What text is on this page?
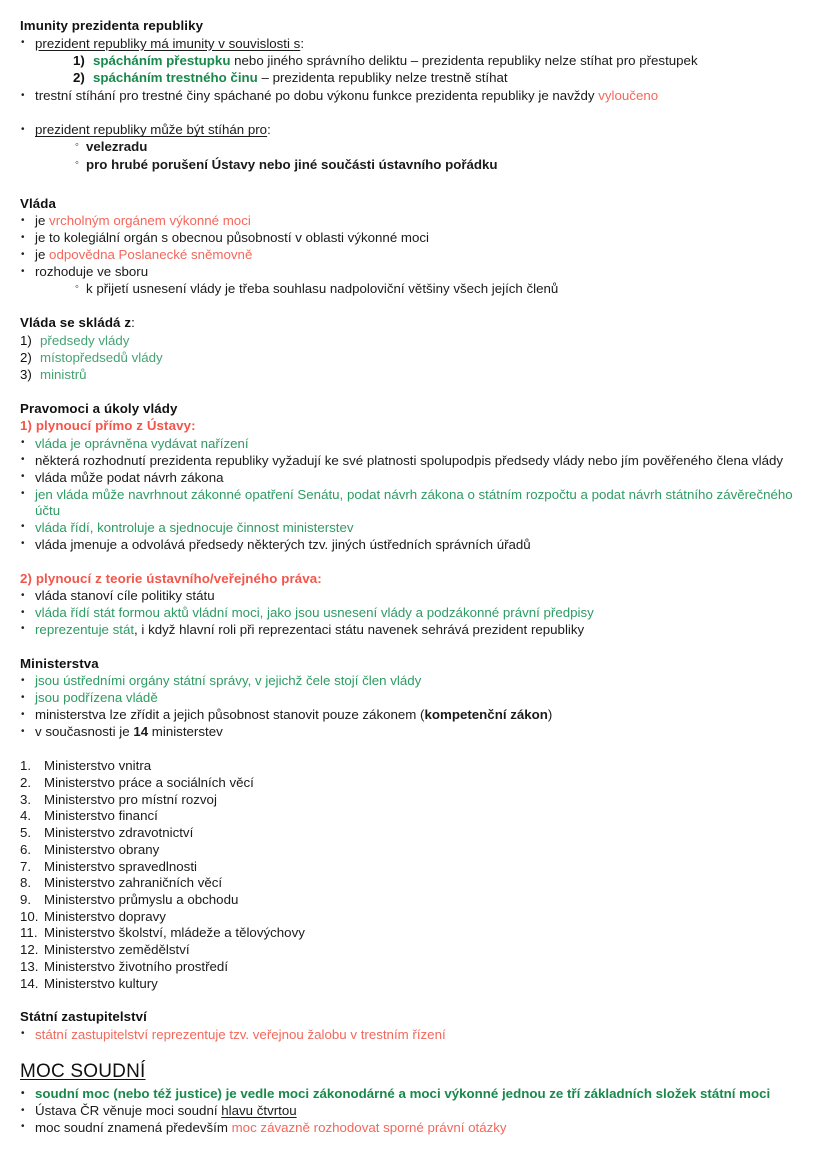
Imunity prezidenta republiky
• prezident republiky má imunity v souvislosti s:
spácháním přestupku nebo jiného správního deliktu – prezidenta republiky nelze stíhat pro přestupek
spácháním trestného činu – prezidenta republiky nelze trestně stíhat
• trestní stíhání pro trestné činy spáchané po dobu výkonu funkce prezidenta republiky je navždy vyloučeno
• prezident republiky může být stíhán pro:
◦ velezradu
◦ pro hrubé porušení Ústavy nebo jiné součásti ústavního pořádku
Vláda
• je vrcholným orgánem výkonné moci
• je to kolegiální orgán s obecnou působností v oblasti výkonné moci
• je odpovědna Poslanecké sněmovně
• rozhoduje ve sboru
◦ k přijetí usnesení vlády je třeba souhlasu nadpoloviční většiny všech jejích členů
Vláda se skládá z:
předsedy vlády
místopředsedů vlády
ministrů
Pravomoci a úkoly vlády
1) plynoucí přímo z Ústavy:
• vláda je oprávněna vydávat nařízení
• některá rozhodnutí prezidenta republiky vyžadují ke své platnosti spolupodpis předsedy vlády nebo jím pověřeného člena vlády
• vláda může podat návrh zákona
• jen vláda může navrhnout zákonné opatření Senátu, podat návrh zákona o státním rozpočtu a podat návrh státního závěrečného účtu
• vláda řídí, kontroluje a sjednocuje činnost ministerstev
• vláda jmenuje a odvolává předsedy některých tzv. jiných ústředních správních úřadů
2) plynoucí z teorie ústavního/veřejného práva:
• vláda stanoví cíle politiky státu
• vláda řídí stát formou aktů vládní moci, jako jsou usnesení vlády a podzákonné právní předpisy
• reprezentuje stát, i když hlavní roli při reprezentaci státu navenek sehrává prezident republiky
Ministerstva
• jsou ústředními orgány státní správy, v jejichž čele stojí člen vlády
• jsou podřízena vládě
• ministerstva lze zřídit a jejich působnost stanovit pouze zákonem (kompetenční zákon)
• v současnosti je 14 ministerstev
Ministerstvo vnitra
Ministerstvo práce a sociálních věcí
Ministerstvo pro místní rozvoj
Ministerstvo financí
Ministerstvo zdravotnictví
Ministerstvo obrany
Ministerstvo spravedlnosti
Ministerstvo zahraničních věcí
Ministerstvo průmyslu a obchodu
Ministerstvo dopravy
Ministerstvo školství, mládeže a tělovýchovy
Ministerstvo zemědělství
Ministerstvo životního prostředí
Ministerstvo kultury
Státní zastupitelství
• státní zastupitelství reprezentuje tzv. veřejnou žalobu v trestním řízení
MOC SOUDNÍ
• soudní moc (nebo též justice) je vedle moci zákonodárné a moci výkonné jednou ze tří základních složek státní moci
• Ústava ČR věnuje moci soudní hlavu čtvrtou
• moc soudní znamená především moc závazně rozhodovat sporné právní otázky
